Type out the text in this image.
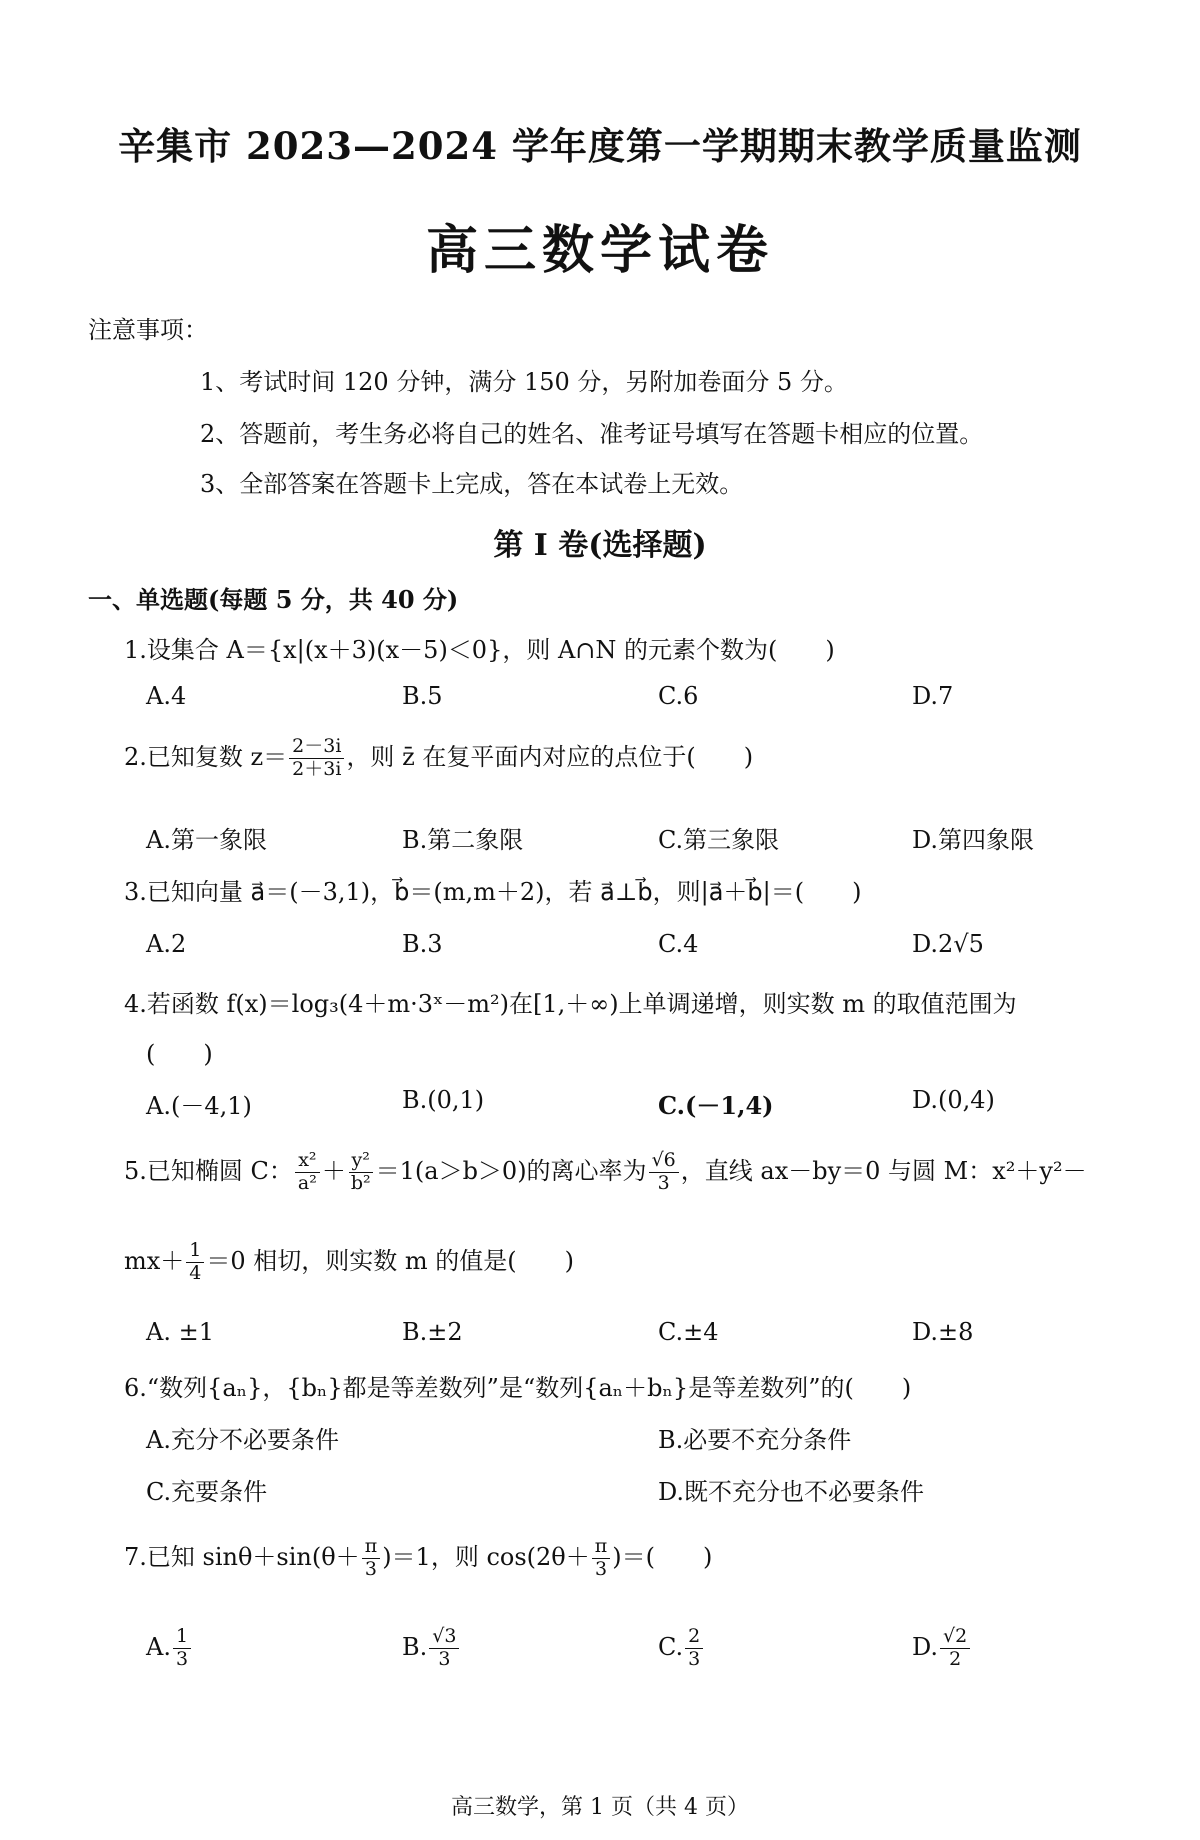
辛集市 2023—2024 学年度第一学期期末教学质量监测
高三数学试卷
注意事项：
1、考试时间 120 分钟，满分 150 分，另附加卷面分 5 分。
2、答题前，考生务必将自己的姓名、准考证号填写在答题卡相应的位置。
3、全部答案在答题卡上完成，答在本试卷上无效。
第 I 卷(选择题)
一、单选题(每题 5 分，共 40 分)
1.设集合 A＝{x|(x＋3)(x－5)＜0}，则 A∩N 的元素个数为(　　)
A.4	B.5	C.6	D.7
2.已知复数 $z= \frac{2-3i}{2+3i}$ ，则 z̄ 在复平面内对应的点位于(　　)
A.第一象限	B.第二象限	C.第三象限	D.第四象限
3.已知向量 a⃗＝(－3,1)，b⃗＝(m,m＋2)，若 a⃗⊥b⃗，则|a⃗＋b⃗|＝(　　)
A.2	B.3	C.4	D.2√5
4.若函数 f(x)＝log₃(4＋m·3ˣ－m²)在[1,＋∞)上单调递增，则实数 m 的取值范围为
(　　)
A.(－4,1)	B.(0,1)	C.(－1,4)	D.(0,4)
5.已知椭圆 C： $\frac{\text{x²}}{\text{a²}} + \frac{\text{y²}}{\text{b²}} =1(a>b>0)$的离心率为 $\frac{√6}{3}$ ，直线 ax－by＝0 与圆 M：x²＋y²－
$mx+ \frac{1}{4} =0$ 相切，则实数 m 的值是(　　)
A. ±1	B.±2	C.±4	D.±8
6.“数列{aₙ}，{bₙ}都是等差数列”是“数列{aₙ＋bₙ}是等差数列”的(　　)
A.充分不必要条件	B.必要不充分条件
C.充要条件	D.既不充分也不必要条件
7.已知 $\sin\theta+\sin(\theta+ \frac{\pi}{3} )=1$，则 $\cos(2\theta+ \frac{\pi}{3}$ )＝(　　)
A. $\frac{1}{3}$	B. $\frac{√3}{3}$	C. $\frac{2}{3}$	D. $\frac{√2}{2}$
高三数学，第 1 页（共 4 页）
